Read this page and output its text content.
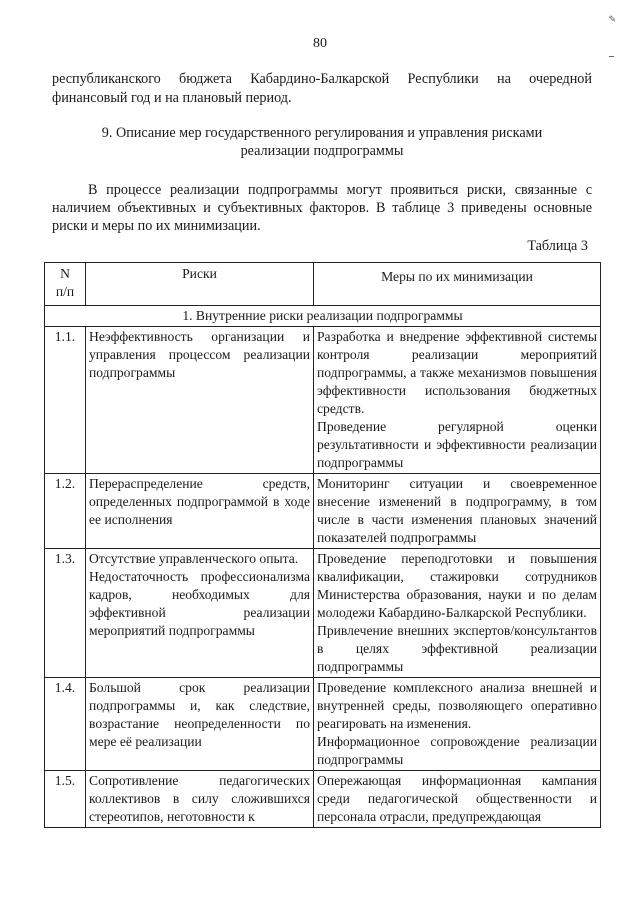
✎
80
республиканского бюджета Кабардино-Балкарской Республики на очередной финансовый год и на плановый период.
9. Описание мер государственного регулирования и управления рисками
реализации подпрограммы
В процессе реализации подпрограммы могут проявиться риски, связанные с наличием объективных и субъективных факторов. В таблице 3 приведены основные риски и меры по их минимизации.
Таблица 3
N
п/п	Риски	Меры по их минимизации
1. Внутренние риски реализации подпрограммы		
1.1.	Неэффективность организации и управления процессом реализации подпрограммы	Разработка и внедрение эффективной системы контроля реализации мероприятий подпрограммы, а также механизмов повышения эффективности использования бюджетных средств.
Проведение регулярной оценки результативности и эффективности реализации подпрограммы

1.2.	Перераспределение средств, определенных подпрограммой в ходе ее исполнения	Мониторинг ситуации и своевременное внесение изменений в подпрограмму, в том числе в части изменения плановых значений показателей подпрограммы

1.3.	Отсутствие управленческого опыта.
Недостаточность профессионализма кадров, необходимых для эффективной реализации мероприятий подпрограммы	Проведение переподготовки и повышения квалификации, стажировки сотрудников Министерства образования, науки и по делам молодежи Кабардино-Балкарской Республики.
Привлечение внешних экспертов/консультантов в целях эффективной реализации подпрограммы

1.4.	Большой срок реализации подпрограммы и, как следствие, возрастание неопределенности по мере её реализации	Проведение комплексного анализа внешней и внутренней среды, позволяющего оперативно реагировать на изменения.
Информационное сопровождение реализации подпрограммы

1.5.	Сопротивление педагогических коллективов в силу сложившихся стереотипов, неготовности к	Опережающая информационная кампания среди педагогической общественности и персонала отрасли, предупреждающая
